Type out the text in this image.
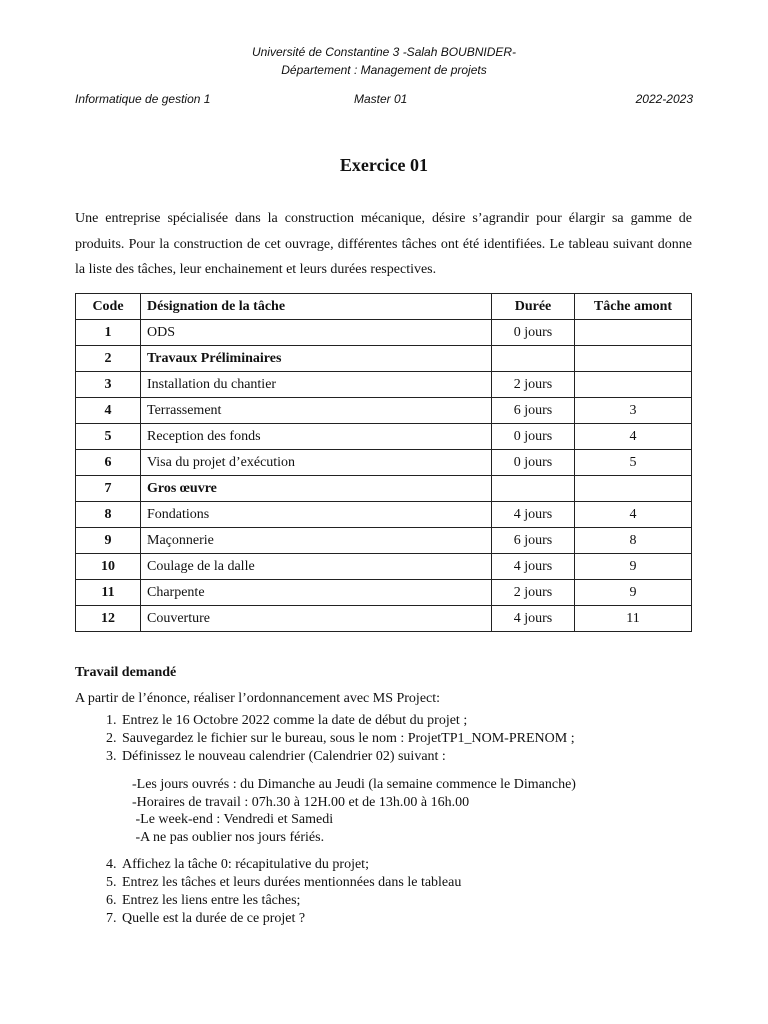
Université de Constantine 3 -Salah BOUBNIDER-
Département : Management de projets
Informatique de gestion 1	Master 01	2022-2023
Exercice 01

Une entreprise spécialisée dans la construction mécanique, désire s’agrandir pour élargir sa gamme de produits. Pour la construction de cet ouvrage, différentes tâches ont été identifiées. Le tableau suivant donne la liste des tâches, leur enchainement et leurs durées respectives.

Code	Désignation de la tâche	Durée	Tâche amont
1	ODS	0 jours	
2	Travaux Préliminaires		
3	Installation du chantier	2 jours	
4	Terrassement	6 jours	3
5	Reception des fonds	0 jours	4
6	Visa du projet d’exécution	0 jours	5
7	Gros œuvre		
8	Fondations	4 jours	4
9	Maçonnerie	6 jours	8
10	Coulage de la dalle	4 jours	9
11	Charpente	2 jours	9
12	Couverture	4 jours	11
Travail demandé

A partir de l’énonce, réaliser l’ordonnancement avec MS Project:

1. Entrez le 16 Octobre 2022 comme la date de début du projet ;
2. Sauvegardez le fichier sur le bureau, sous le nom : ProjetTP1_NOM-PRENOM ;
3. Définissez le nouveau calendrier (Calendrier 02) suivant :
-Les jours ouvrés : du Dimanche au Jeudi (la semaine commence le Dimanche)
-Horaires de travail : 07h.30 à 12H.00 et de 13h.00 à 16h.00
-Le week-end : Vendredi et Samedi
-A ne pas oublier nos jours fériés.
4. Affichez la tâche 0: récapitulative du projet;
5. Entrez les tâches et leurs durées mentionnées dans le tableau
6. Entrez les liens entre les tâches;
7. Quelle est la durée de ce projet ?
